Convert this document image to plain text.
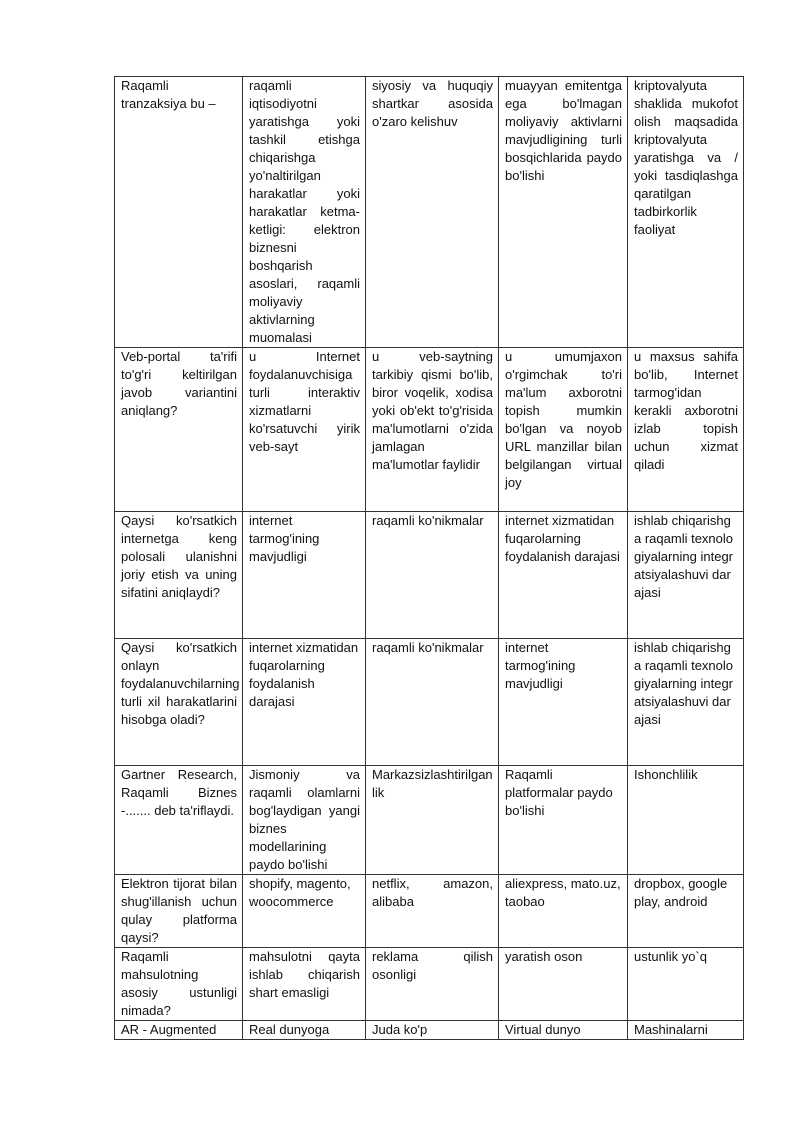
Raqamli tranzaksiya bu –	raqamli iqtisodiyotni yaratishga yoki tashkil etishga chiqarishga yo'naltirilgan harakatlar yoki harakatlar ketma-ketligi: elektron biznesni boshqarish asoslari, raqamli moliyaviy aktivlarning muomalasi	siyosiy va huquqiy shartkar asosida o'zaro kelishuv	muayyan emitentga ega bo'lmagan moliyaviy aktivlarni mavjudligining turli bosqichlarida paydo bo'lishi	kriptovalyuta shaklida mukofot olish maqsadida kriptovalyuta yaratishga va / yoki tasdiqlashga qaratilgan tadbirkorlik faoliyat

Veb-portal ta'rifi to'g'ri keltirilgan javob variantini aniqlang?	u Internet foydalanuvchisiga turli interaktiv xizmatlarni ko'rsatuvchi yirik veb-sayt	u veb-saytning tarkibiy qismi bo'lib, biror voqelik, xodisa yoki ob'ekt to'g'risida ma'lumotlarni o'zida jamlagan ma'lumotlar faylidir	u umumjaxon o'rgimchak to'ri ma'lum axborotni topish mumkin bo'lgan va noyob URL manzillar bilan belgilangan virtual joy	u maxsus sahifa bo'lib, Internet tarmog'idan kerakli axborotni izlab topish uchun xizmat qiladi

Qaysi ko'rsatkich internetga keng polosali ulanishni joriy etish va uning sifatini aniqlaydi?	internet tarmog'ining mavjudligi	raqamli ko'nikmalar	internet xizmatidan fuqarolarning foydalanish darajasi	ishlab chiqarishga raqamli texnologiyalarning integratsiyalashuvi darajasi

Qaysi ko'rsatkich onlayn foydalanuvchilarning turli xil harakatlarini hisobga oladi?	internet xizmatidan fuqarolarning foydalanish darajasi	raqamli ko'nikmalar	internet tarmog'ining mavjudligi	ishlab chiqarishga raqamli texnologiyalarning integratsiyalashuvi darajasi

Gartner Research, Raqamli Biznes -....... deb ta'riflaydi.	Jismoniy va raqamli olamlarni bog'laydigan yangi biznes modellarining paydo bo'lishi	Markazsizlashtirilganlik	Raqamli platformalar paydo bo'lishi	Ishonchlilik

Elektron tijorat bilan shug'illanish uchun qulay platforma qaysi?	shopify, magento, woocommerce	netflix, amazon, alibaba	aliexpress, mato.uz, taobao	dropbox, google play, android

Raqamli mahsulotning asosiy ustunligi nimada?	mahsulotni qayta ishlab chiqarish shart emasligi	reklama qilish osonligi	yaratish oson	ustunlik yo`q

AR - Augmented	Real dunyoga	Juda ko'p	Virtual dunyo	Mashinalarni
